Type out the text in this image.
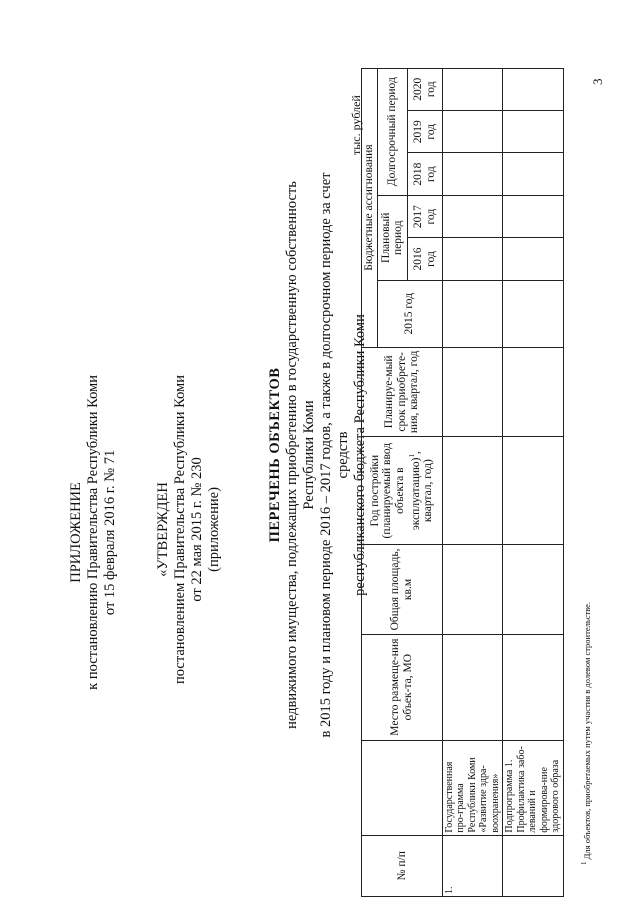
ПРИЛОЖЕНИЕ к постановлению Правительства Республики Коми от 15 февраля 2016 г. № 71	«УТВЕРЖДЕН постановлением Правительства Республики Коми от 22 мая 2015 г. № 230 (приложение)	ПЕРЕЧЕНЬ ОБЪЕКТОВ недвижимого имущества, подлежащих приобретению в государственную собственность Республики Коми в 2015 году и плановом периоде 2016 – 2017 годов, а также в долгосрочном периоде за счет средств республиканского бюджета Республики Коми
тыс. рублей
№ п/п		Место размеще-ния объек-та, МО	Общая площадь, кв.м	Год постройки (планируемый ввод объекта в эксплуатацию)$^1$, квартал, год)	Планируе-мый срок приобрете-ния, квартал, год	Бюджетные ассигнования					
						2015 год	Плановый период		Долгосрочный период		
							2016 год	2017 год	2018 год	2019 год	2020 год
1.	Государственная про-грамма Республики Коми «Развитие здра-воохранения»										
	Подпрограмма 1. Профилактика забо-леваний и формирова-ние здорового образа										
$^1$ Для объектов, приобретаемых путем участия в долевом строительстве.
3
